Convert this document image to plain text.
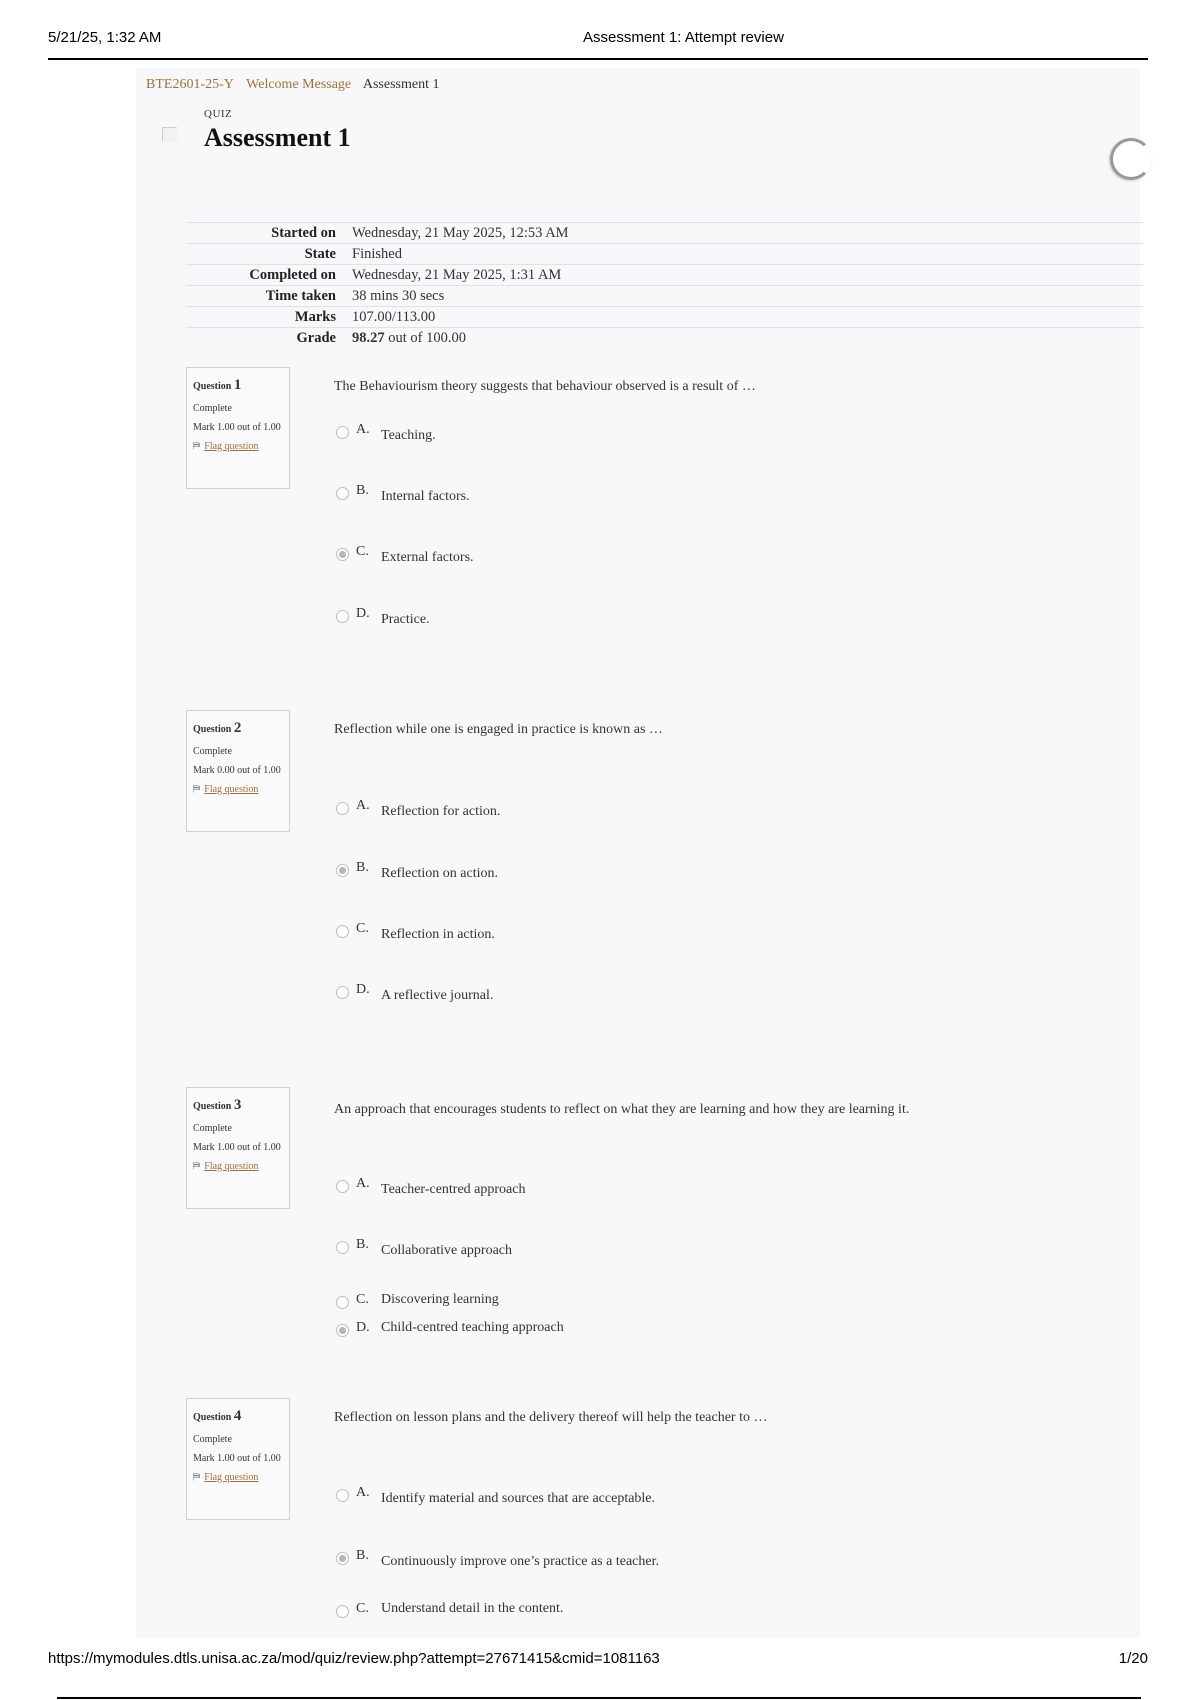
5/21/25, 1:32 AM	Assessment 1: Attempt review
BTE2601-25-Y Welcome Message Assessment 1
QUIZ
Assessment 1
Started on	Wednesday, 21 May 2025, 12:53 AM
State	Finished
Completed on	Wednesday, 21 May 2025, 1:31 AM
Time taken	38 mins 30 secs
Marks	107.00/113.00
Grade	98.27 out of 100.00
Question 1
Complete
Mark 1.00 out of 1.00
⛿ Flag question
The Behaviourism theory suggests that behaviour observed is a result of …
A. Teaching.
B. Internal factors.
C. External factors.
D. Practice.
Question 2
Complete
Mark 0.00 out of 1.00
⛿ Flag question
Reflection while one is engaged in practice is known as …
A. Reflection for action.
B. Reflection on action.
C. Reflection in action.
D. A reflective journal.
Question 3
Complete
Mark 1.00 out of 1.00
⛿ Flag question
An approach that encourages students to reflect on what they are learning and how they are learning it.
A. Teacher-centred approach
B. Collaborative approach
C. Discovering learning
D. Child-centred teaching approach
Question 4
Complete
Mark 1.00 out of 1.00
⛿ Flag question
Reflection on lesson plans and the delivery thereof will help the teacher to …
A. Identify material and sources that are acceptable.
B. Continuously improve one’s practice as a teacher.
C. Understand detail in the content.
https://mymodules.dtls.unisa.ac.za/mod/quiz/review.php?attempt=27671415&cmid=1081163	1/20
